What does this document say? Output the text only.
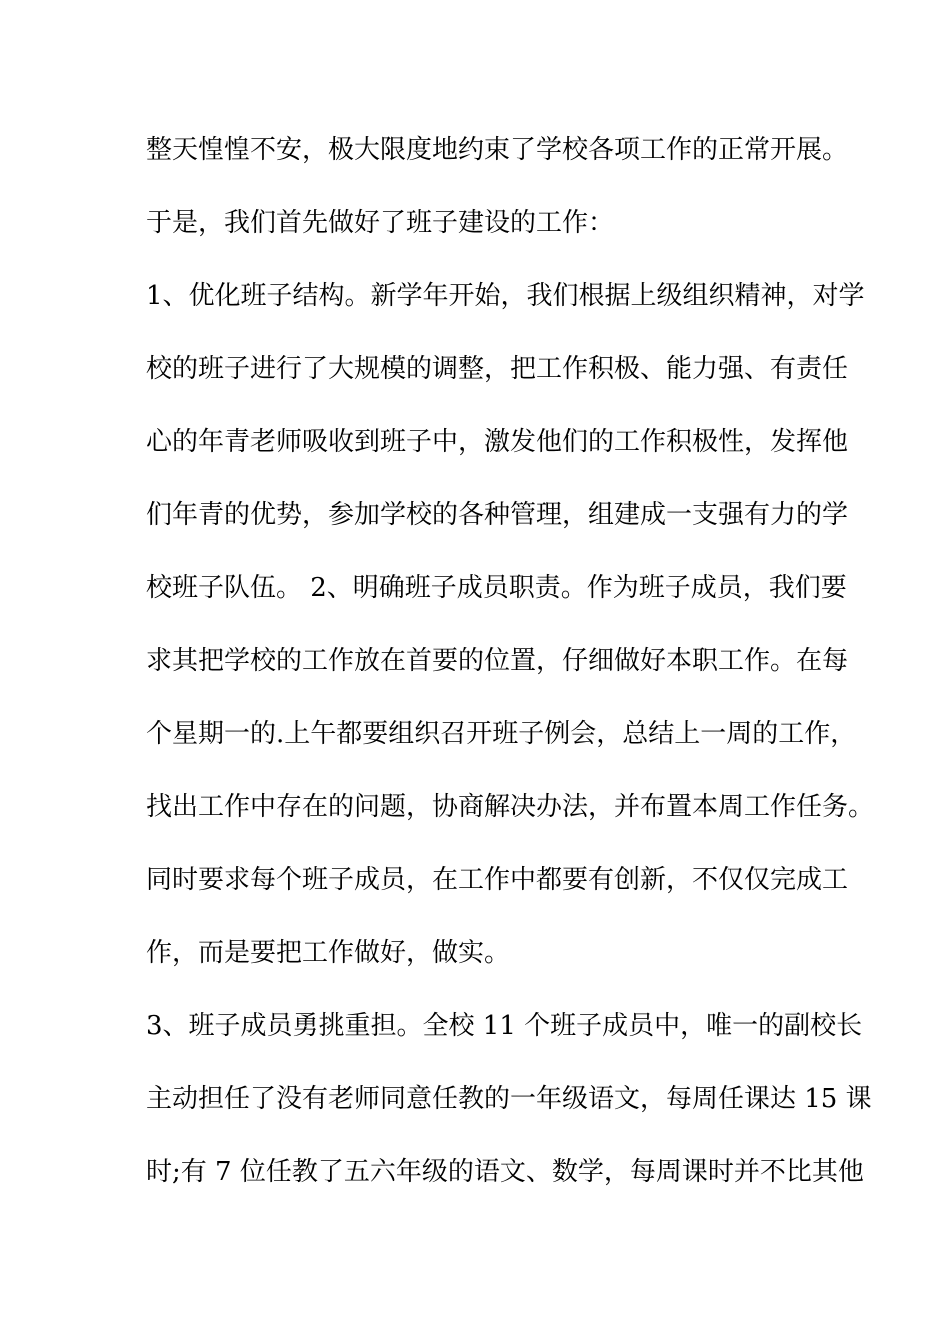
整天惶惶不安，极大限度地约束了学校各项工作的正常开展。
于是，我们首先做好了班子建设的工作：
1、优化班子结构。新学年开始，我们根据上级组织精神，对学
校的班子进行了大规模的调整，把工作积极、能力强、有责任
心的年青老师吸收到班子中，激发他们的工作积极性，发挥他
们年青的优势，参加学校的各种管理，组建成一支强有力的学
校班子队伍。 2、明确班子成员职责。作为班子成员，我们要
求其把学校的工作放在首要的位置，仔细做好本职工作。在每
个星期一的.上午都要组织召开班子例会，总结上一周的工作，
找出工作中存在的问题，协商解决办法，并布置本周工作任务。
同时要求每个班子成员，在工作中都要有创新，不仅仅完成工
作，而是要把工作做好，做实。
3、班子成员勇挑重担。全校 11 个班子成员中，唯一的副校长
主动担任了没有老师同意任教的一年级语文，每周任课达 15 课
时;有 7 位任教了五六年级的语文、数学，每周课时并不比其他
